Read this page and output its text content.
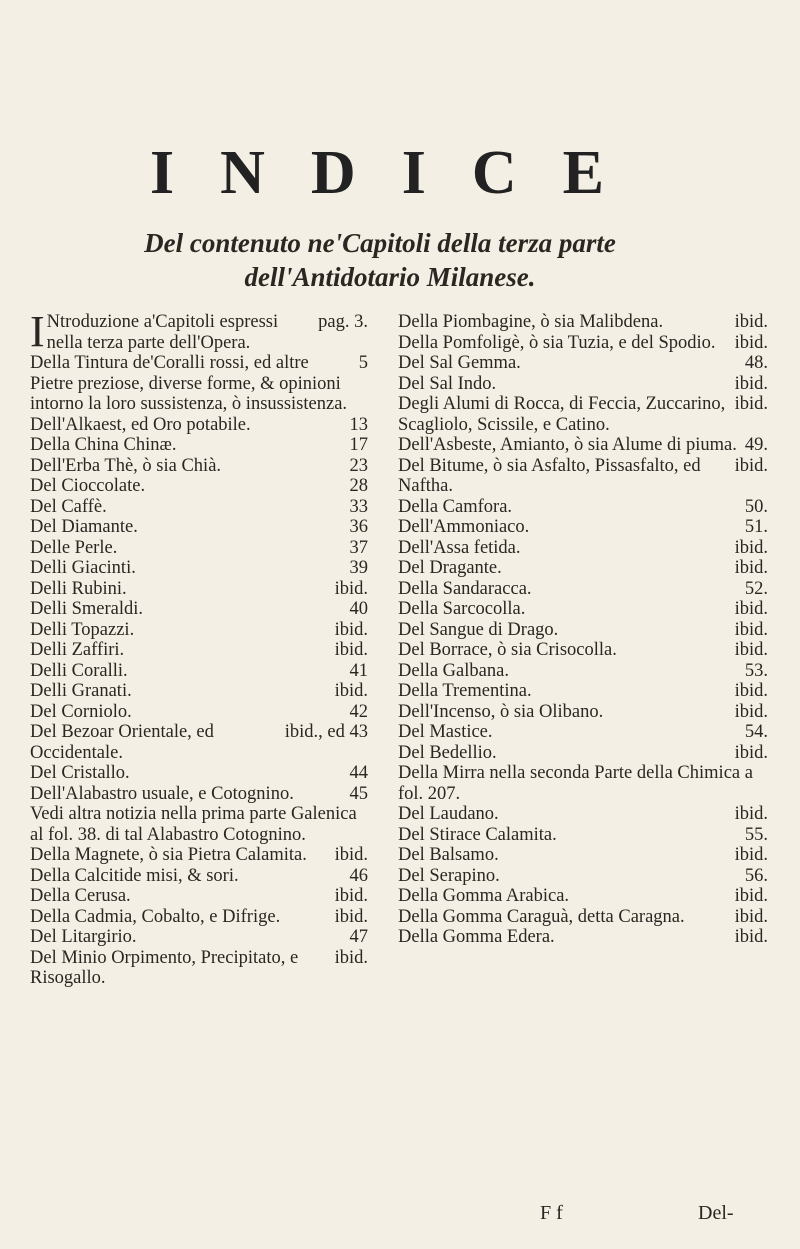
INDICE
Del contenuto ne'Capitoli della terza parte
dell'Antidotario Milanese.
I	pag. 3.
Ntroduzione a'Capitoli espressi nella terza parte dell'Opera.

5
Della Tintura de'Coralli rossi, ed altre Pietre preziose, diverse forme, & opinioni intorno la loro sussistenza, ò insussistenza.

13
Dell'Alkaest, ed Oro potabile.

17
Della China Chinæ.

23
Dell'Erba Thè, ò sia Chià.

28
Del Cioccolate.

33
Del Caffè.

36
Del Diamante.

37
Delle Perle.

39
Delli Giacinti.

ibid.
Delli Rubini.

40
Delli Smeraldi.

ibid.
Delli Topazzi.

ibid.
Delli Zaffiri.

41
Delli Coralli.

ibid.
Delli Granati.

42
Del Corniolo.

ibid., ed 43
Del Bezoar Orientale, ed Occidentale.

44
Del Cristallo.

45
Dell'Alabastro usuale, e Cotognino.

Vedi altra notizia nella prima parte Galenica al fol. 38. di tal Alabastro Cotognino.

ibid.
Della Magnete, ò sia Pietra Calamita.

46
Della Calcitide misi, & sori.

ibid.
Della Cerusa.

ibid.
Della Cadmia, Cobalto, e Difrige.

47
Del Litargirio.

ibid.
Del Minio Orpimento, Precipitato, e Risogallo.

ibid.
Della Piombagine, ò sia Malibdena.

ibid.
Della Pomfoligè, ò sia Tuzia, e del Spodio.

48.
Del Sal Gemma.

ibid.
Del Sal Indo.

ibid.
Degli Alumi di Rocca, di Feccia, Zuccarino, Scagliolo, Scissile, e Catino.

49.
Dell'Asbeste, Amianto, ò sia Alume di piuma.

ibid.
Del Bitume, ò sia Asfalto, Pissasfalto, ed Naftha.

50.
Della Camfora.

51.
Dell'Ammoniaco.

ibid.
Dell'Assa fetida.

ibid.
Del Dragante.

52.
Della Sandaracca.

ibid.
Della Sarcocolla.

ibid.
Del Sangue di Drago.

ibid.
Del Borrace, ò sia Crisocolla.

53.
Della Galbana.

ibid.
Della Trementina.

ibid.
Dell'Incenso, ò sia Olibano.

54.
Del Mastice.

ibid.
Del Bedellio.

Della Mirra nella seconda Parte della Chimica a fol. 207.

ibid.
Del Laudano.

55.
Del Stirace Calamita.

ibid.
Del Balsamo.

56.
Del Serapino.

ibid.
Della Gomma Arabica.

ibid.
Della Gomma Caraguà, detta Caragna.

ibid.
Della Gomma Edera.

F f	Del-
